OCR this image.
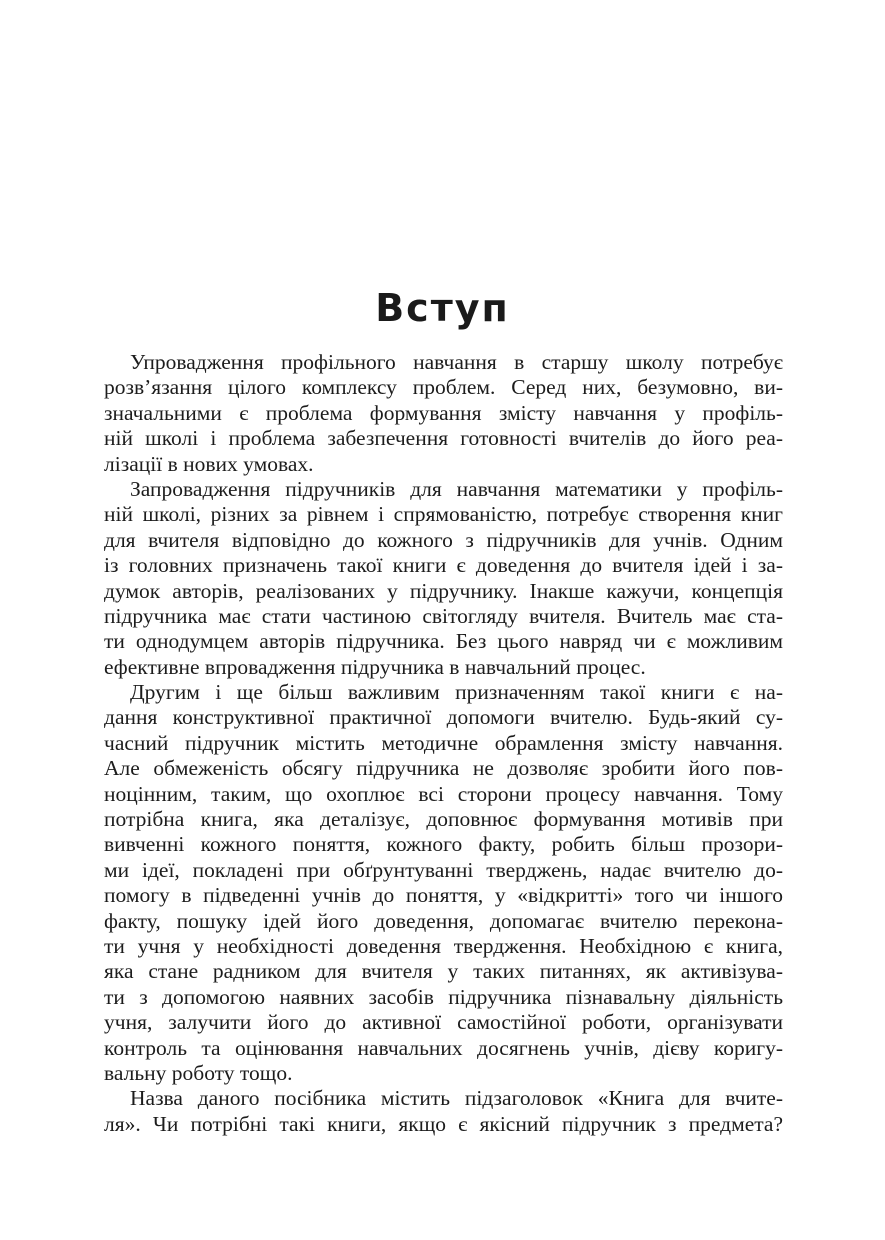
Вступ
Упровадження профільного навчання в старшу школу потребує
розв’язання цілого комплексу проблем. Серед них, безумовно, ви-
значальними є проблема формування змісту навчання у профіль-
ній школі і проблема забезпечення готовності вчителів до його реа-
лізації в нових умовах.
Запровадження підручників для навчання математики у профіль-
ній школі, різних за рівнем і спрямованістю, потребує створення книг
для вчителя відповідно до кожного з підручників для учнів. Одним
із головних призначень такої книги є доведення до вчителя ідей і за-
думок авторів, реалізованих у підручнику. Інакше кажучи, концепція
підручника має стати частиною світогляду вчителя. Вчитель має ста-
ти однодумцем авторів підручника. Без цього навряд чи є можливим
ефективне впровадження підручника в навчальний процес.
Другим і ще більш важливим призначенням такої книги є на-
дання конструктивної практичної допомоги вчителю. Будь-який су-
часний підручник містить методичне обрамлення змісту навчання.
Але обмеженість обсягу підручника не дозволяє зробити його пов-
ноцінним, таким, що охоплює всі сторони процесу навчання. Тому
потрібна книга, яка деталізує, доповнює формування мотивів при
вивченні кожного поняття, кожного факту, робить більш прозори-
ми ідеї, покладені при обґрунтуванні тверджень, надає вчителю до-
помогу в підведенні учнів до поняття, у «відкритті» того чи іншого
факту, пошуку ідей його доведення, допомагає вчителю переконa-
ти учня у необхідності доведення твердження. Необхідною є книга,
яка стане радником для вчителя у таких питаннях, як активізува-
ти з допомогою наявних засобів підручника пізнавальну діяльність
учня, залучити його до активної самостійної роботи, організувати
контроль та оцінювання навчальних досягнень учнів, дієву коригу-
вальну роботу тощо.
Назва даного посібника містить підзаголовок «Книга для вчите-
ля». Чи потрібні такі книги, якщо є якісний підручник з предмета?
